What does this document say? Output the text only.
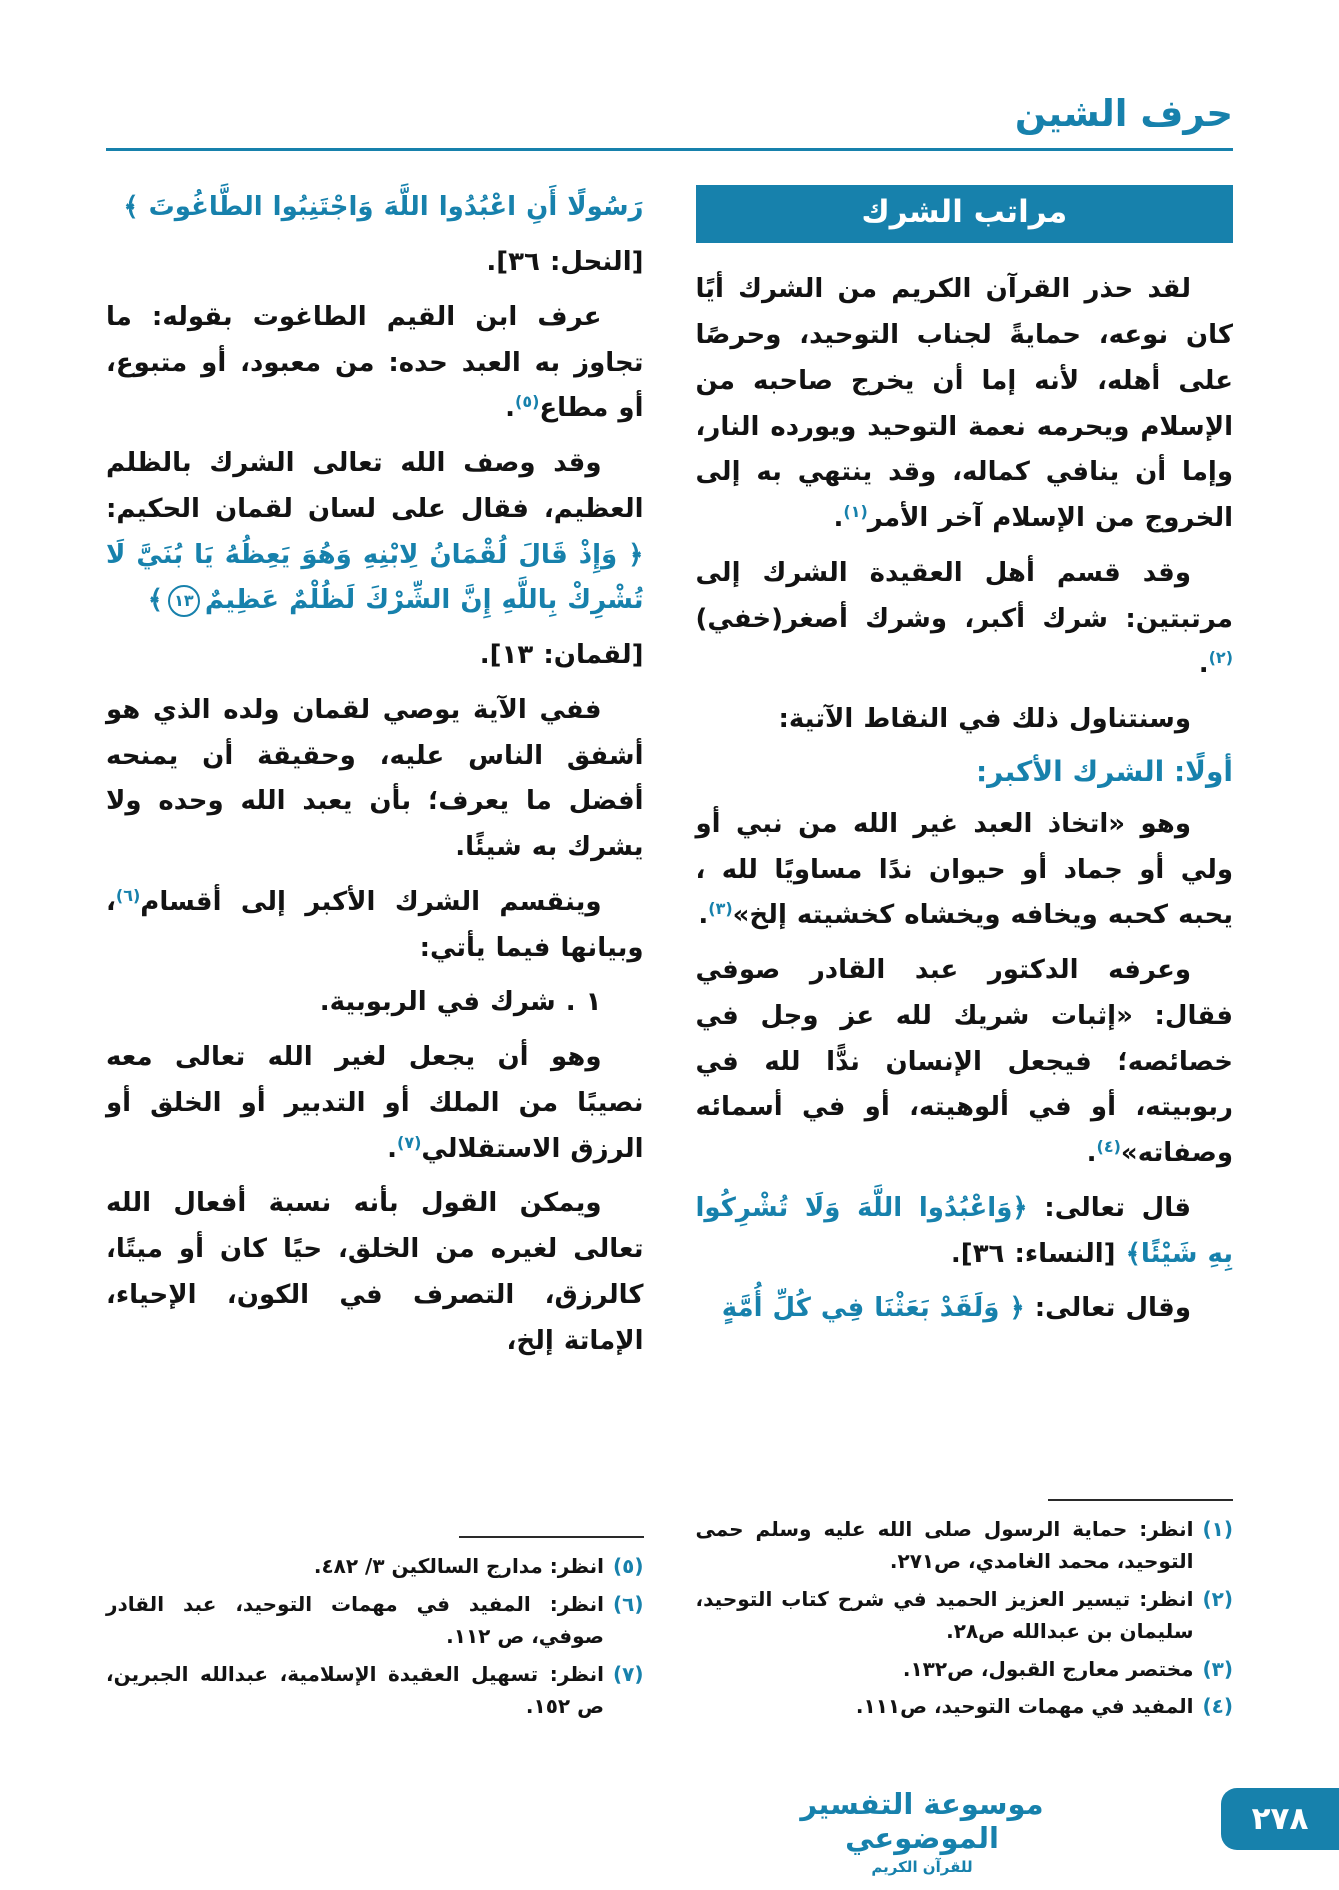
حرف الشين
مراتب الشرك

لقد حذر القرآن الكريم من الشرك أيًا كان نوعه، حمايةً لجناب التوحيد، وحرصًا على أهله، لأنه إما أن يخرج صاحبه من الإسلام ويحرمه نعمة التوحيد ويورده النار، وإما أن ينافي كماله، وقد ينتهي به إلى الخروج من الإسلام آخر الأمر$^{(١)}$.

وقد قسم أهل العقيدة الشرك إلى مرتبتين: شرك أكبر، وشرك أصغر(خفي)$^{(٢)}$.

وسنتناول ذلك في النقاط الآتية:

أولًا: الشرك الأكبر:

وهو «اتخاذ العبد غير الله من نبي أو ولي أو جماد أو حيوان ندًا مساويًا لله ، يحبه كحبه ويخافه ويخشاه كخشيته إلخ»$^{(٣)}$.

وعرفه الدكتور عبد القادر صوفي فقال: «إثبات شريك لله عز وجل في خصائصه؛ فيجعل الإنسان ندًّا لله في ربوبيته، أو في ألوهيته، أو في أسمائه وصفاته»$^{(٤)}$.

قال تعالى: ﴿وَاعْبُدُوا اللَّهَ وَلَا تُشْرِكُوا بِهِ شَيْئًا﴾ [النساء: ٣٦].

وقال تعالى: ﴿ وَلَقَدْ بَعَثْنَا فِي كُلِّ أُمَّةٍ

(١)
انظر: حماية الرسول صلى الله عليه وسلم حمى التوحيد، محمد الغامدي، ص٢٧١.
(٢)
انظر: تيسير العزيز الحميد في شرح كتاب التوحيد، سليمان بن عبدالله ص٢٨.
(٣)
مختصر معارج القبول، ص١٣٢.
(٤)
المفيد في مهمات التوحيد، ص١١١.

رَسُولًا أَنِ اعْبُدُوا اللَّهَ وَاجْتَنِبُوا الطَّاغُوتَ ﴾

[النحل: ٣٦].

عرف ابن القيم الطاغوت بقوله: ما تجاوز به العبد حده: من معبود، أو متبوع، أو مطاع$^{(٥)}$.

وقد وصف الله تعالى الشرك بالظلم العظيم، فقال على لسان لقمان الحكيم: ﴿ وَإِذْ قَالَ لُقْمَانُ لِابْنِهِ وَهُوَ يَعِظُهُ يَا بُنَيَّ لَا تُشْرِكْ بِاللَّهِ إِنَّ الشِّرْكَ لَظُلْمٌ عَظِيمٌ١٣﴾

[لقمان: ١٣].

ففي الآية يوصي لقمان ولده الذي هو أشفق الناس عليه، وحقيقة أن يمنحه أفضل ما يعرف؛ بأن يعبد الله وحده ولا يشرك به شيئًا.

وينقسم الشرك الأكبر إلى أقسام$^{(٦)}$، وبيانها فيما يأتي:

١ . شرك في الربوبية.

وهو أن يجعل لغير الله تعالى معه نصيبًا من الملك أو التدبير أو الخلق أو الرزق الاستقلالي$^{(٧)}$.

ويمكن القول بأنه نسبة أفعال الله تعالى لغيره من الخلق، حيًا كان أو ميتًا، كالرزق، التصرف في الكون، الإحياء، الإماتة إلخ،

(٥)
انظر: مدارج السالكين ٣/ ٤٨٢.
(٦)
انظر: المفيد في مهمات التوحيد، عبد القادر صوفي، ص ١١٢.
(٧)
انظر: تسهيل العقيدة الإسلامية، عبدالله الجبرين، ص ١٥٢.
موسوعة التفسير الموضوعي
للقرآن الكريم
٢٧٨
